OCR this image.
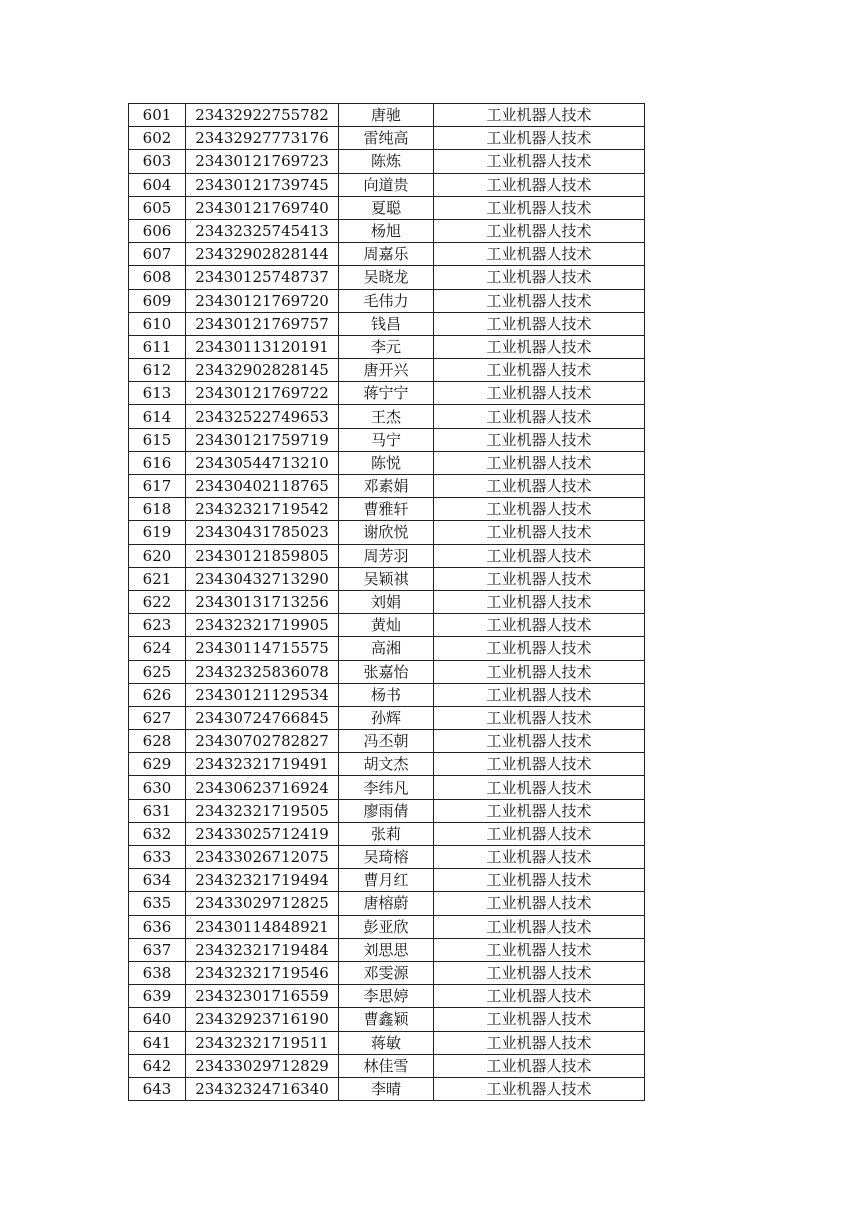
601	23432922755782	唐驰	工业机器人技术
602	23432927773176	雷纯高	工业机器人技术
603	23430121769723	陈炼	工业机器人技术
604	23430121739745	向道贵	工业机器人技术
605	23430121769740	夏聪	工业机器人技术
606	23432325745413	杨旭	工业机器人技术
607	23432902828144	周嘉乐	工业机器人技术
608	23430125748737	吴晓龙	工业机器人技术
609	23430121769720	毛伟力	工业机器人技术
610	23430121769757	钱昌	工业机器人技术
611	23430113120191	李元	工业机器人技术
612	23432902828145	唐开兴	工业机器人技术
613	23430121769722	蒋宁宁	工业机器人技术
614	23432522749653	王杰	工业机器人技术
615	23430121759719	马宁	工业机器人技术
616	23430544713210	陈悦	工业机器人技术
617	23430402118765	邓素娟	工业机器人技术
618	23432321719542	曹雅轩	工业机器人技术
619	23430431785023	谢欣悦	工业机器人技术
620	23430121859805	周芳羽	工业机器人技术
621	23430432713290	吴颖祺	工业机器人技术
622	23430131713256	刘娟	工业机器人技术
623	23432321719905	黄灿	工业机器人技术
624	23430114715575	高湘	工业机器人技术
625	23432325836078	张嘉怡	工业机器人技术
626	23430121129534	杨书	工业机器人技术
627	23430724766845	孙辉	工业机器人技术
628	23430702782827	冯丕朝	工业机器人技术
629	23432321719491	胡文杰	工业机器人技术
630	23430623716924	李纬凡	工业机器人技术
631	23432321719505	廖雨倩	工业机器人技术
632	23433025712419	张莉	工业机器人技术
633	23433026712075	吴琦榕	工业机器人技术
634	23432321719494	曹月红	工业机器人技术
635	23433029712825	唐榕蔚	工业机器人技术
636	23430114848921	彭亚欣	工业机器人技术
637	23432321719484	刘思思	工业机器人技术
638	23432321719546	邓雯源	工业机器人技术
639	23432301716559	李思婷	工业机器人技术
640	23432923716190	曹鑫颖	工业机器人技术
641	23432321719511	蒋敏	工业机器人技术
642	23433029712829	林佳雪	工业机器人技术
643	23432324716340	李晴	工业机器人技术
